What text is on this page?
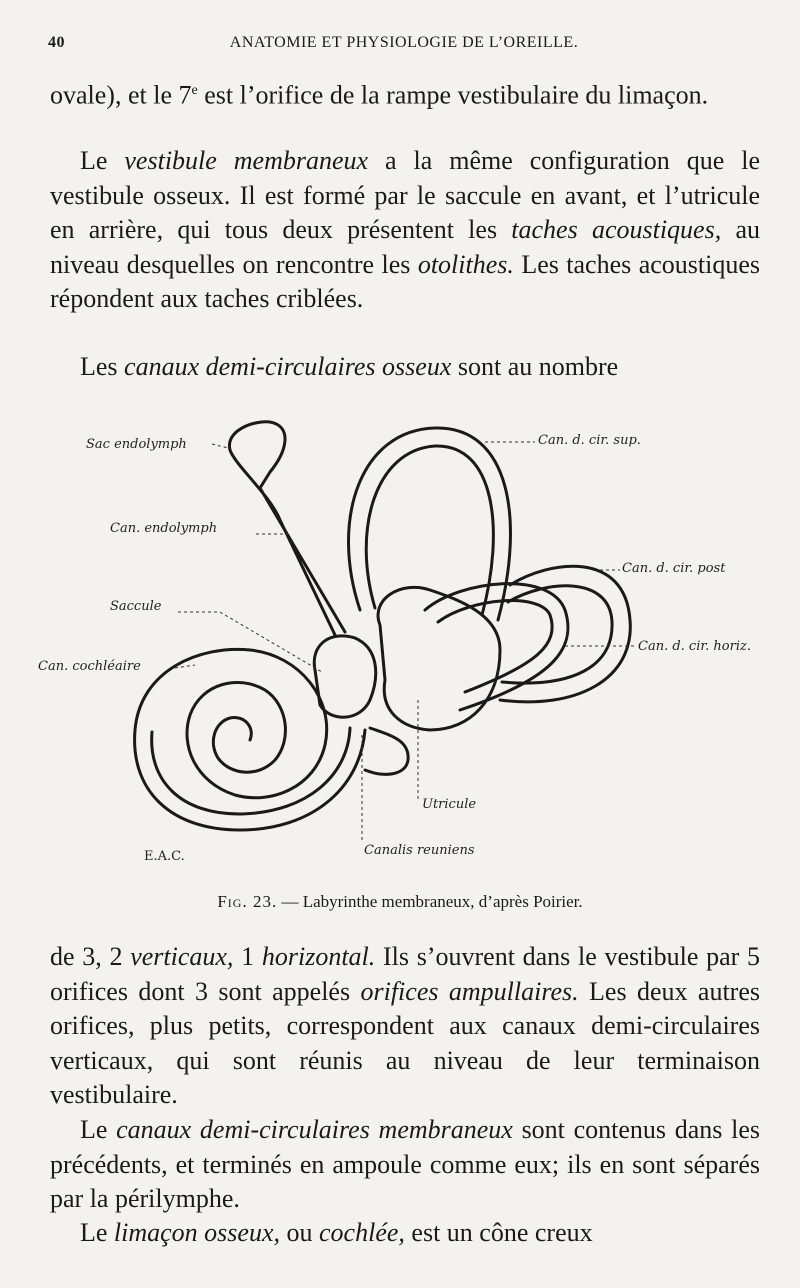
40	ANATOMIE ET PHYSIOLOGIE DE L’OREILLE.

ovale), et le 7e est l’orifice de la rampe vestibulaire du limaçon.

Le vestibule membraneux a la même configuration que le vestibule osseux. Il est formé par le saccule en avant, et l’utricule en arrière, qui tous deux présentent les taches acoustiques, au niveau desquelles on rencontre les otolithes. Les taches acoustiques répondent aux taches criblées.

Les canaux demi-circulaires osseux sont au nombre

Sac endolymph
Can. endolymph
Saccule
Can. cochléaire
Can. d. cir. sup.
Can. d. cir. post
Can. d. cir. horiz.
Utricule
Canalis reuniens
E.A.C.
Fig. 23. — Labyrinthe membraneux, d’après Poirier.

de 3, 2 verticaux, 1 horizontal. Ils s’ouvrent dans le vestibule par 5 orifices dont 3 sont appelés orifices ampullaires. Les deux autres orifices, plus petits, correspondent aux canaux demi-circulaires verticaux, qui sont réunis au niveau de leur terminaison vestibulaire.

Le canaux demi-circulaires membraneux sont contenus dans les précédents, et terminés en ampoule comme eux; ils en sont séparés par la périlymphe.

Le limaçon osseux, ou cochlée, est un cône creux
